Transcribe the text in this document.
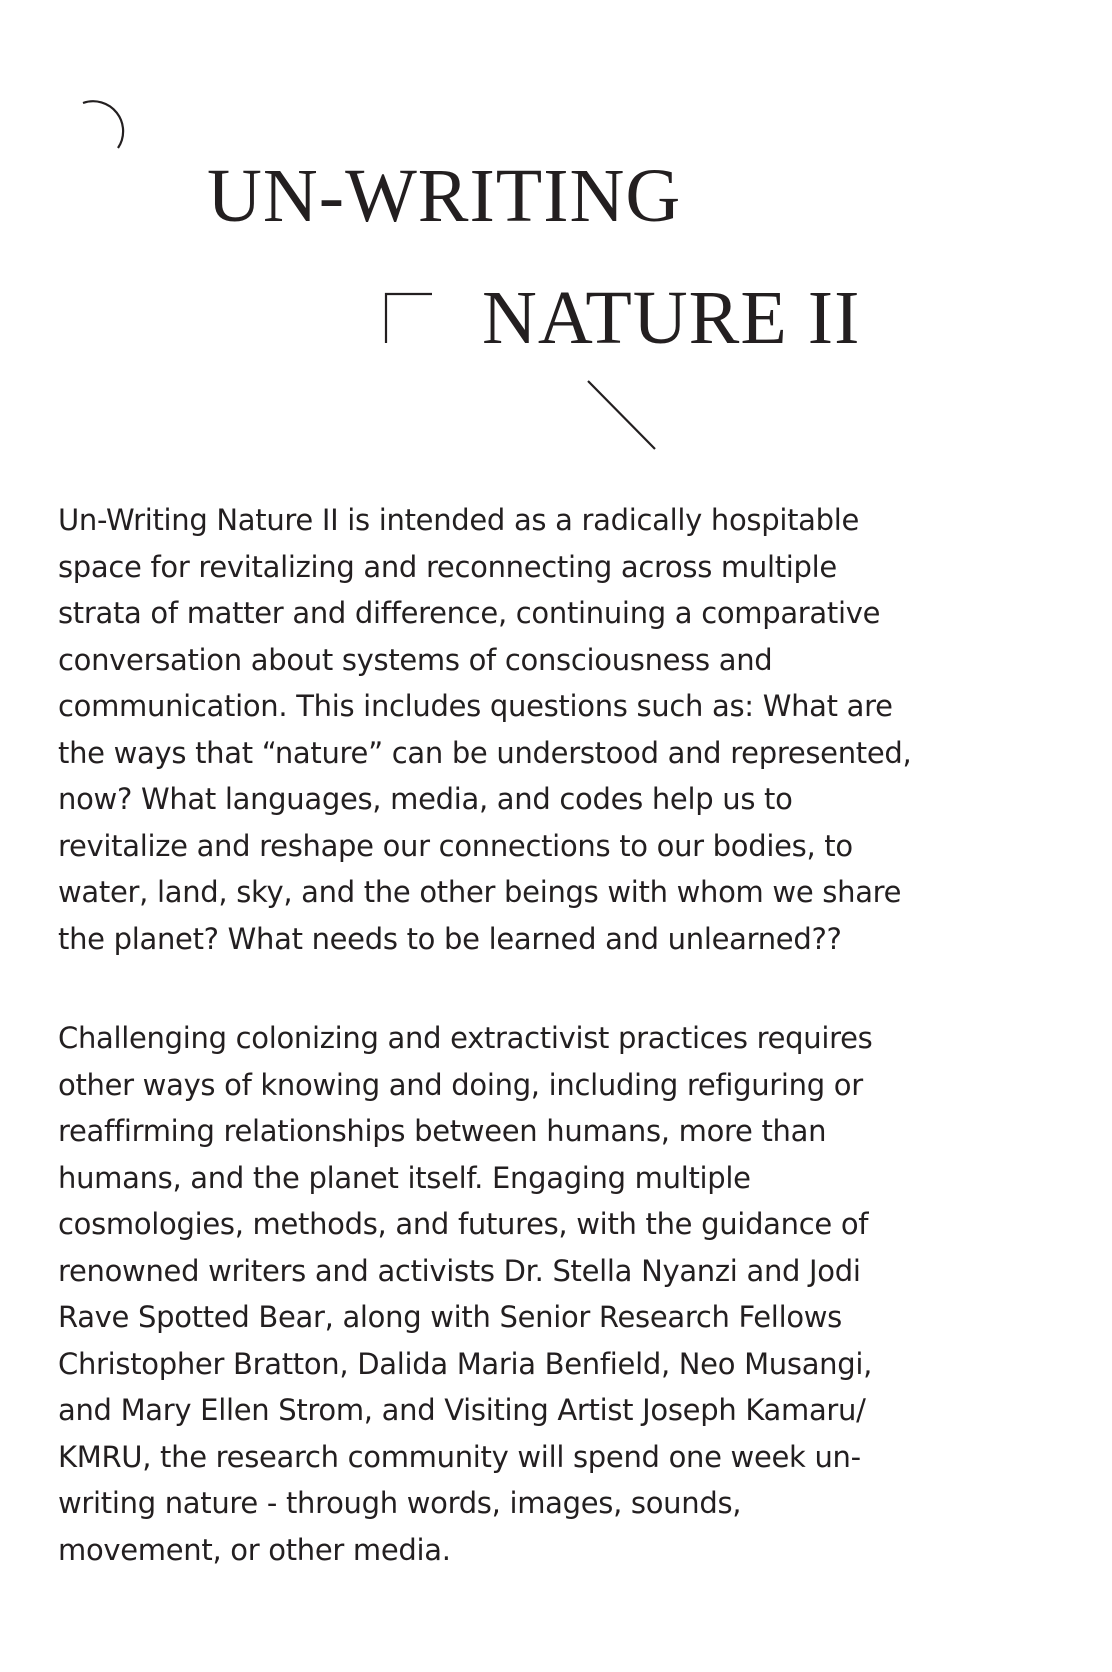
UN-WRITING
NATURE II
Un-Writing Nature II is intended as a radically hospitable
space for revitalizing and reconnecting across multiple
strata of matter and difference, continuing a comparative
conversation about systems of consciousness and
communication. This includes questions such as: What are
the ways that “nature” can be understood and represented,
now? What languages, media, and codes help us to
revitalize and reshape our connections to our bodies, to
water, land, sky, and the other beings with whom we share
the planet? What needs to be learned and unlearned??
Challenging colonizing and extractivist practices requires
other ways of knowing and doing, including refiguring or
reaffirming relationships between humans, more than
humans, and the planet itself. Engaging multiple
cosmologies, methods, and futures, with the guidance of
renowned writers and activists Dr. Stella Nyanzi and Jodi
Rave Spotted Bear, along with Senior Research Fellows
Christopher Bratton, Dalida Maria Benfield, Neo Musangi,
and Mary Ellen Strom, and Visiting Artist Joseph Kamaru/
KMRU, the research community will spend one week un-
writing nature - through words, images, sounds,
movement, or other media.
